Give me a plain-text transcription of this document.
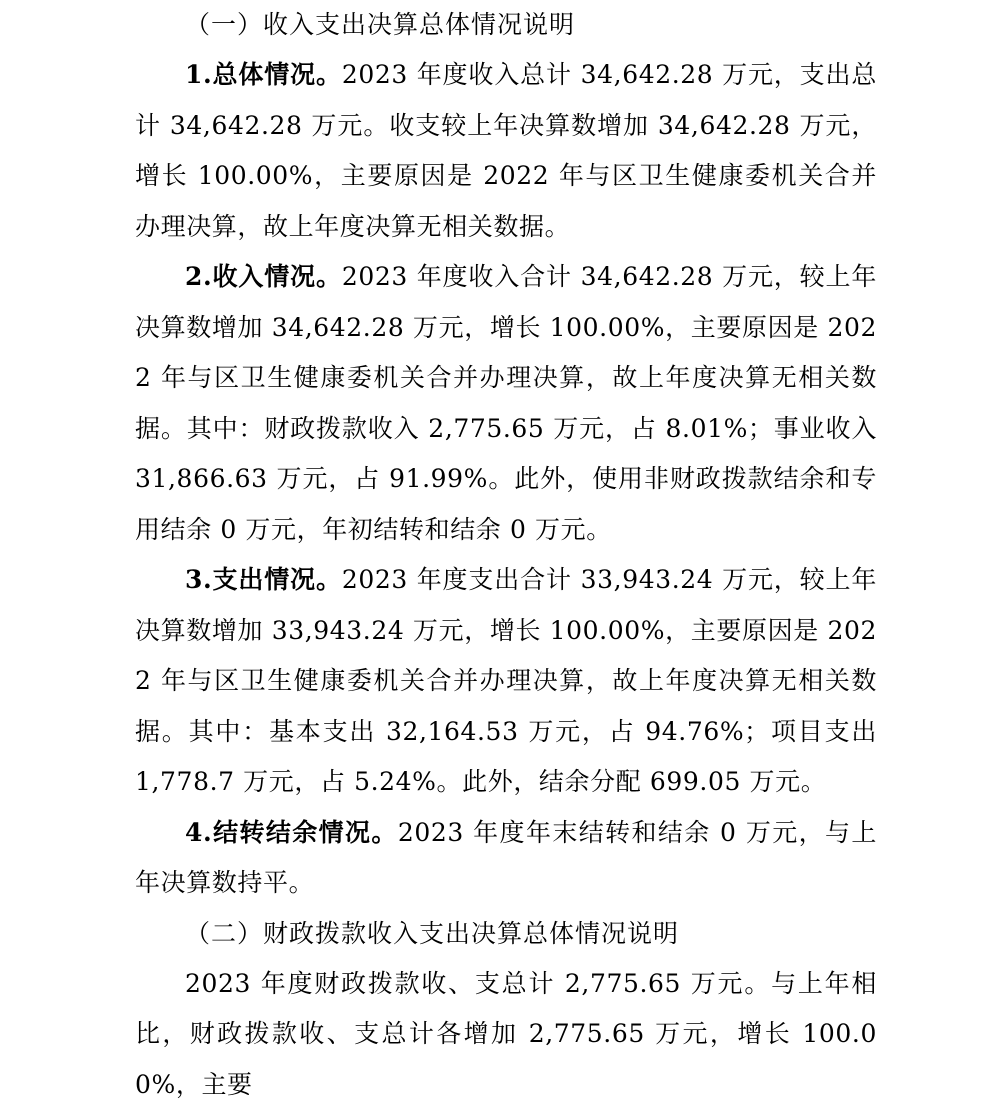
（一）收入支出决算总体情况说明

1.总体情况。2023 年度收入总计 34,642.28 万元，支出总计 34,642.28 万元。收支较上年决算数增加 34,642.28 万元，增长 100.00%，主要原因是 2022 年与区卫生健康委机关合并办理决算，故上年度决算无相关数据。

2.收入情况。2023 年度收入合计 34,642.28 万元，较上年决算数增加 34,642.28 万元，增长 100.00%，主要原因是 2022 年与区卫生健康委机关合并办理决算，故上年度决算无相关数据。其中：财政拨款收入 2,775.65 万元，占 8.01%；事业收入 31,866.63 万元，占 91.99%。此外，使用非财政拨款结余和专用结余 0 万元，年初结转和结余 0 万元。

3.支出情况。2023 年度支出合计 33,943.24 万元，较上年决算数增加 33,943.24 万元，增长 100.00%，主要原因是 2022 年与区卫生健康委机关合并办理决算，故上年度决算无相关数据。其中：基本支出 32,164.53 万元，占 94.76%；项目支出 1,778.7 万元，占 5.24%。此外，结余分配 699.05 万元。

4.结转结余情况。2023 年度年末结转和结余 0 万元，与上年决算数持平。

（二）财政拨款收入支出决算总体情况说明

2023 年度财政拨款收、支总计 2,775.65 万元。与上年相比，财政拨款收、支总计各增加 2,775.65 万元，增长 100.00%，主要
